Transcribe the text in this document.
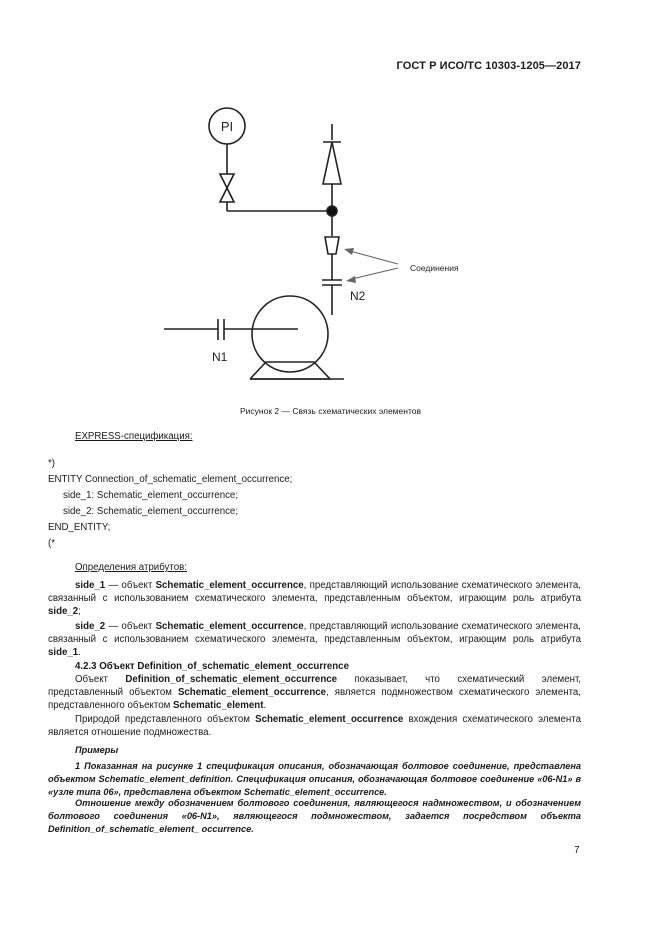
ГОСТ Р ИСО/ТС 10303-1205—2017
PI
Соединения
N1
N2
Рисунок 2 — Связь схематических элементов
EXPRESS-спецификация:
*)
ENTITY Connection_of_schematic_element_occurrence;
side_1: Schematic_element_occurrence;
side_2: Schematic_element_occurrence;
END_ENTITY;
(*
Определения атрибутов:
side_1 — объект Schematic_element_occurrence, представляющий использование схематического элемента, связанный с использованием схематического элемента, представленным объектом, играющим роль атрибута side_2;
side_2 — объект Schematic_element_occurrence, представляющий использование схематического элемента, связанный с использованием схематического элемента, представленным объектом, играющим роль атрибута side_1.
4.2.3 Объект Definition_of_schematic_element_occurrence
Объект Definition_of_schematic_element_occurrence показывает, что схематический элемент, представленный объектом Schematic_element_occurrence, является подмножеством схематического элемента, представленного объектом Schematic_element.
Природой представленного объектом Schematic_element_occurrence вхождения схематического элемента является отношение подмножества.
Примеры
1 Показанная на рисунке 1 спецификация описания, обозначающая болтовое соединение, представлена объектом Schematic_element_definition. Спецификация описания, обозначающая болтовое соединение «06-N1» в «узле типа 06», представлена объектом Schematic_element_occurrence.
Отношение между обозначением болтового соединения, являющегося надмножеством, и обозначением болтового соединения «06-N1», являющегося подмножеством, задается посредством объекта Definition_of_schematic_element_ occurrence.
7
